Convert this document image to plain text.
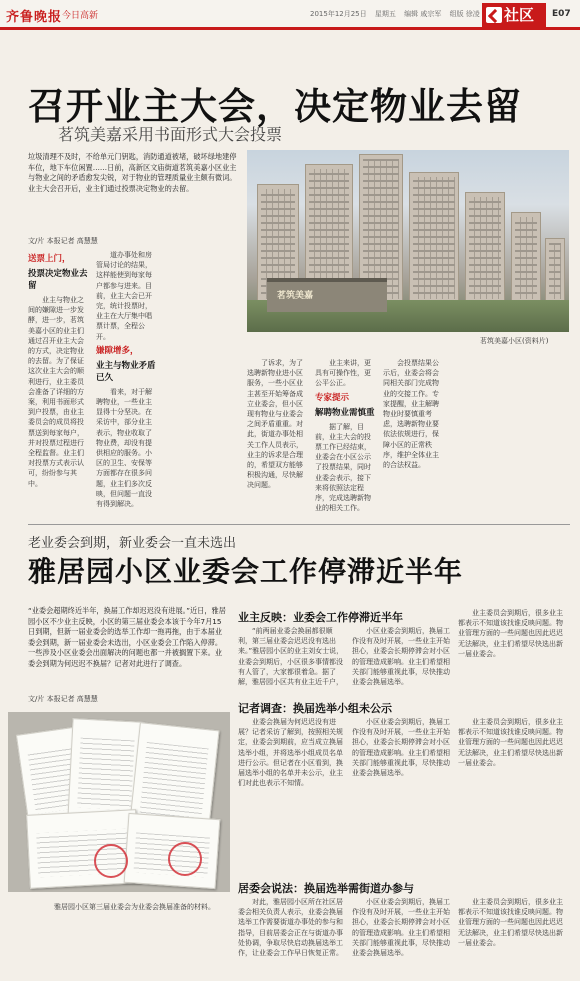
齐鲁晚报 今日高新	2015年12月25日 星期五 编辑 戚宗军 组版 徐凌	社区	E07
召开业主大会，决定物业去留
茗筑美嘉采用书面形式大会投票
垃圾清理不及时，不给单元门钥匙，消防通道被堵，破坏绿地建停车位，地下车位闲置……日前，高新区文庙街道茗筑美嘉小区业主与物业之间的矛盾愈发尖锐，对于物业的管理质量业主颇有微词。业主大会召开后，业主们通过投票决定物业的去留。
文/片 本报记者 高慧慧
茗筑美嘉
茗筑美嘉小区(资料片)
送票上门，
投票决定物业去留

业主与物业之间的嫌隙进一步发酵，进一步，茗筑美嘉小区的业主们通过召开业主大会的方式，决定物业的去留。为了保证这次业主大会的顺利进行，业主委员会准备了详细的方案，利用书面形式到户投票，由业主委员会的成员将投票送到每家每户，并对投票过程进行全程监督。业主们对投票方式表示认可，纷纷参与其中。

道办事处和房管局讨论的结果，这样能使到每家每户都参与进来。目前，业主大会已开完，统计投票时，业主在大厅集中唱票计票，全程公开。

嫌隙增多，
业主与物业矛盾已久

看来，对于解聘物业，一些业主显得十分坚决。在采访中，部分业主表示，物业收取了物业费，却没有提供相应的服务。小区的卫生、安保等方面都存在很多问题，业主们多次反映，但问题一直没有得到解决。

了诉求，为了选聘新物业进小区服务，一些小区业主甚至开始筹备成立业委会，但小区现有物业与业委会之间矛盾重重。对此，街道办事处相关工作人员表示，业主的诉求是合理的，希望双方能够积极沟通，尽快解决问题。

业主来讲，更具有可操作性，更公平公正。

专家提示
解聘物业需慎重

据了解，目前，业主大会的投票工作已经结束，业委会在小区公示了投票结果，同时业委会表示，接下来将依照法定程序，完成选聘新物业的相关工作。

会投票结果公示后，业委会将会同相关部门完成物业的交接工作。专家提醒，业主解聘物业时要慎重考虑，选聘新物业要依法依规进行，保障小区的正常秩序，维护全体业主的合法权益。

老业委会到期，新业委会一直未选出
雅居园小区业委会工作停滞近半年
“业委会超期终近半年，换届工作却迟迟没有进展。”近日，雅居园小区不少业主反映，小区的第三届业委会本该于今年7月15日到期，但新一届业委会的选举工作却一拖再拖，由于本届业委会到期，新一届业委会未选出，小区业委会工作陷入停滞。一些涉及小区业委会出面解决的问题也都一并被搁置下来。业委会到期为何迟迟不换届？记者对此进行了调查。
文/片 本报记者 高慧慧
雅居园小区第三届业委会为业委会换届准备的材料。
业主反映：业委会工作停滞近半年

“前两届业委会换届都很顺利，第三届业委会迟迟没有选出来。”雅居园小区的业主刘女士说，业委会到期后，小区很多事情都没有人管了，大家都很着急。据了解，雅居园小区共有业主近千户，

小区业委会到期后，换届工作没有及时开展，一些业主开始担心，业委会长期停滞会对小区的管理造成影响。业主们希望相关部门能够重视此事，尽快推动业委会换届选举。

业主委员会到期后，很多业主都表示不知道该找谁反映问题。物业管理方面的一些问题也因此迟迟无法解决，业主们希望尽快选出新一届业委会。

记者调查：换届选举小组未公示

业委会换届为何迟迟没有进展？记者采访了解到，按照相关规定，业委会到期前，应当成立换届选举小组，并将选举小组成员名单进行公示。但记者在小区看到，换届选举小组的名单并未公示，业主们对此也表示不知情。

小区业委会到期后，换届工作没有及时开展，一些业主开始担心，业委会长期停滞会对小区的管理造成影响。业主们希望相关部门能够重视此事，尽快推动业委会换届选举。

业主委员会到期后，很多业主都表示不知道该找谁反映问题。物业管理方面的一些问题也因此迟迟无法解决，业主们希望尽快选出新一届业委会。

居委会说法：换届选举需街道办参与

对此，雅居园小区所在社区居委会相关负责人表示，业委会换届选举工作需要街道办事处的参与和指导，目前居委会正在与街道办事处协调，争取尽快启动换届选举工作，让业委会工作早日恢复正常。

小区业委会到期后，换届工作没有及时开展，一些业主开始担心，业委会长期停滞会对小区的管理造成影响。业主们希望相关部门能够重视此事，尽快推动业委会换届选举。

业主委员会到期后，很多业主都表示不知道该找谁反映问题。物业管理方面的一些问题也因此迟迟无法解决，业主们希望尽快选出新一届业委会。
